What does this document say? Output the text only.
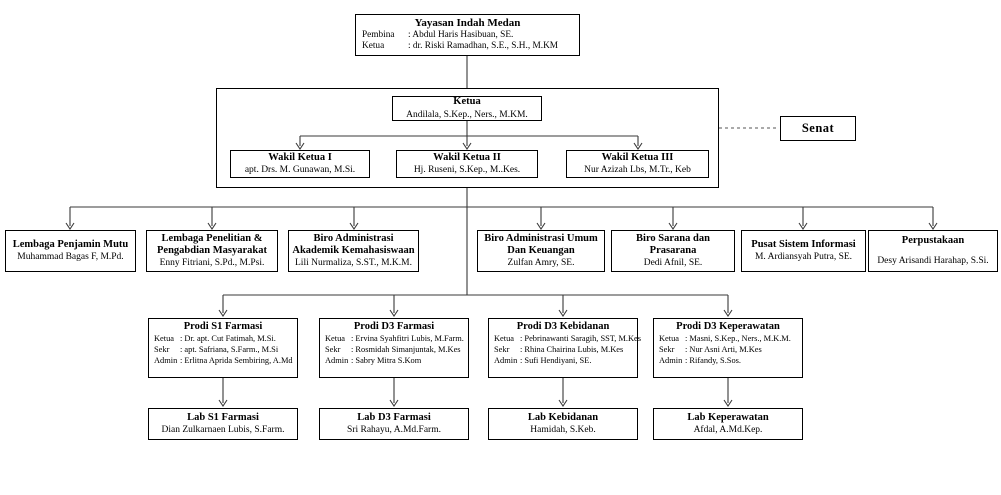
Yayasan Indah Medan
Pembina	: Abdul Haris Hasibuan, SE.
Ketua	: dr. Riski Ramadhan, S.E., S.H., M.KM
Ketua
Andilala, S.Kep., Ners., M.KM.
Wakil Ketua I
apt. Drs. M. Gunawan, M.Si.
Wakil Ketua II
Hj. Ruseni, S.Kep., M..Kes.
Wakil Ketua III
Nur Azizah Lbs, M.Tr., Keb
Senat
Lembaga Penjamin Mutu
Muhammad Bagas F, M.Pd.
Lembaga Penelitian & Pengabdian Masyarakat
Enny Fitriani, S.Pd., M.Psi.
Biro Administrasi Akademik Kemahasiswaan
Lili Nurmaliza, S.ST., M.K.M.
Biro Administrasi Umum Dan Keuangan
Zulfan Amry, SE.
Biro Sarana dan Prasarana
Dedi Afnil, SE.
Pusat Sistem Informasi
M. Ardiansyah Putra, SE.
Perpustakaan
Desy Arisandi Harahap, S.Si.
Prodi S1 Farmasi
Ketua : Dr. apt. Cut Fatimah, M.Si.
Sekr	: apt. Safriana, S.Farm., M.Si
Admin : Erlitna Aprida Sembiring, A.Md
Prodi D3 Farmasi
Ketua : Ervina Syahfitri Lubis, M.Farm.
Sekr	: Rosmidah Simanjuntak, M.Kes
Admin : Sabry Mitra S.Kom
Prodi D3 Kebidanan
Ketua : Pebrinawanti Saragih, SST, M.Kes
Sekr	: Rhina Chairina Lubis, M.Kes
Admin : Sufi Hendiyani, SE.
Prodi D3 Keperawatan
Ketua : Masni, S.Kep., Ners., M.K.M.
Sekr	: Nur Asni Arti, M.Kes
Admin : Rifandy, S.Sos.
Lab S1 Farmasi
Dian Zulkarnaen Lubis, S.Farm.
Lab D3 Farmasi
Sri Rahayu, A.Md.Farm.
Lab Kebidanan
Hamidah, S.Keb.
Lab Keperawatan
Afdal, A.Md.Kep.
